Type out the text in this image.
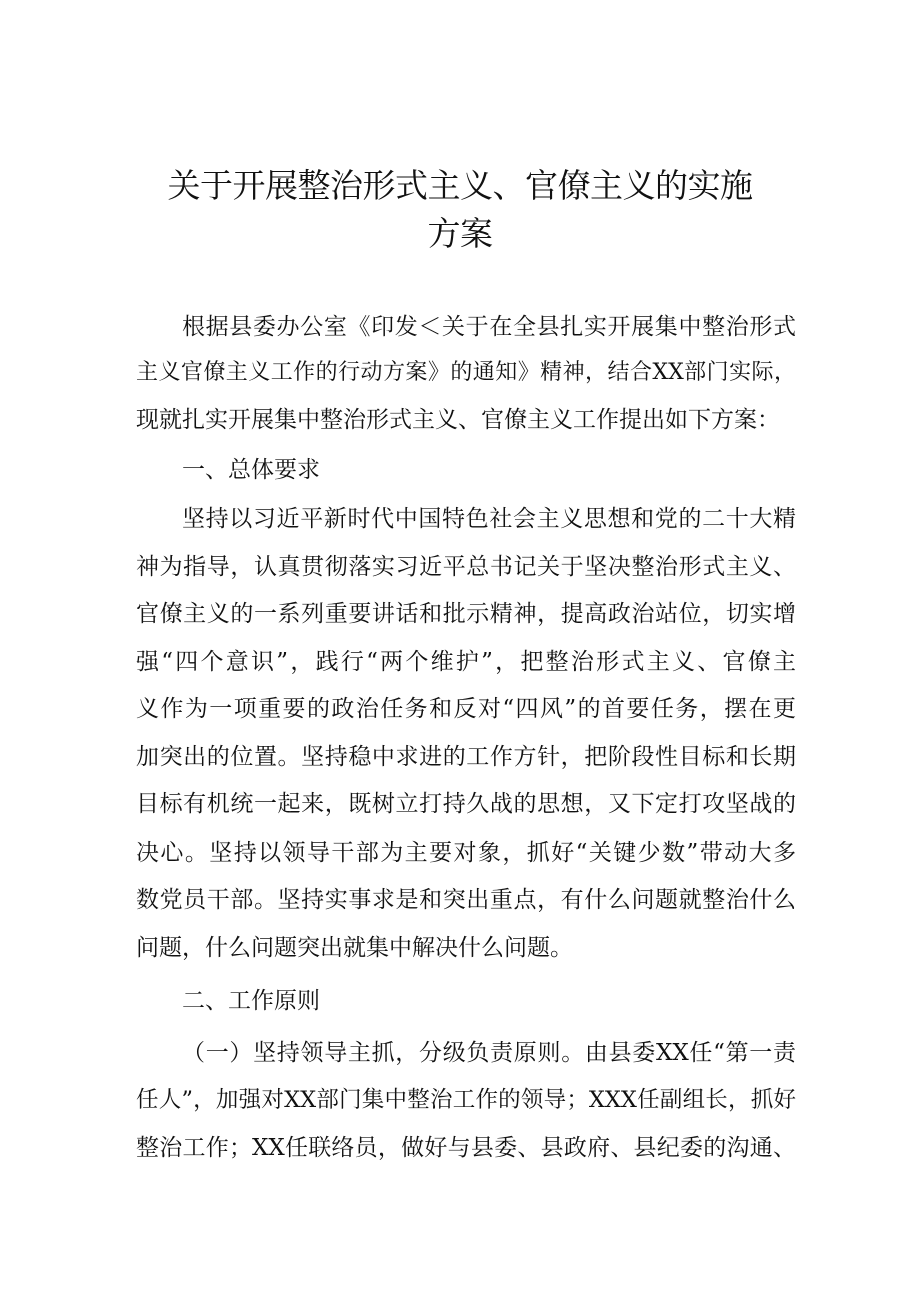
关于开展整治形式主义、官僚主义的实施
方案
根据县委办公室《印发＜关于在全县扎实开展集中整治形式
主义官僚主义工作的行动方案》的通知》精神，结合XX部门实际，
现就扎实开展集中整治形式主义、官僚主义工作提出如下方案：
一、总体要求
坚持以习近平新时代中国特色社会主义思想和党的二十大精
神为指导，认真贯彻落实习近平总书记关于坚决整治形式主义、
官僚主义的一系列重要讲话和批示精神，提高政治站位，切实增
强“四个意识”，践行“两个维护”，把整治形式主义、官僚主
义作为一项重要的政治任务和反对“四风”的首要任务，摆在更
加突出的位置。坚持稳中求进的工作方针，把阶段性目标和长期
目标有机统一起来，既树立打持久战的思想，又下定打攻坚战的
决心。坚持以领导干部为主要对象，抓好“关键少数”带动大多
数党员干部。坚持实事求是和突出重点，有什么问题就整治什么
问题，什么问题突出就集中解决什么问题。
二、工作原则
（一）坚持领导主抓，分级负责原则。由县委XX任“第一责
任人”，加强对XX部门集中整治工作的领导；XXX任副组长，抓好
整治工作；XX任联络员，做好与县委、县政府、县纪委的沟通、
